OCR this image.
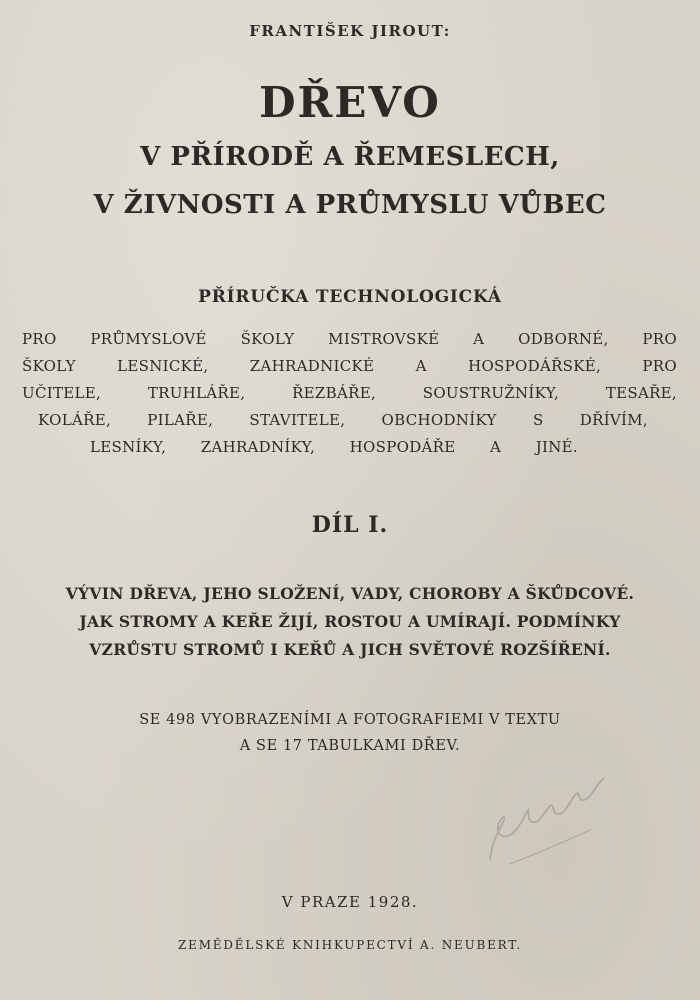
FRANTIŠEK JIROUT:
DŘEVO
V PŘÍRODĚ A ŘEMESLECH,
V ŽIVNOSTI A PRŮMYSLU VŮBEC
PŘÍRUČKA TECHNOLOGICKÁ
PRO PRŮMYSLOVÉ ŠKOLY MISTROVSKÉ A ODBORNÉ, PRO
ŠKOLY LESNICKÉ, ZAHRADNICKÉ A HOSPODÁŘSKÉ, PRO
UČITELE, TRUHLÁŘE, ŘEZBÁŘE, SOUSTRUŽNÍKY, TESAŘE,
KOLÁŘE, PILAŘE, STAVITELE, OBCHODNÍKY S DŘÍVÍM,
LESNÍKY, ZAHRADNÍKY, HOSPODÁŘE A JINÉ.
DÍL I.
VÝVIN DŘEVA, JEHO SLOŽENÍ, VADY, CHOROBY A ŠKŮDCOVÉ.
JAK STROMY A KEŘE ŽIJÍ, ROSTOU A UMÍRAJÍ. PODMÍNKY
VZRŮSTU STROMŮ I KEŘŮ A JICH SVĚTOVÉ ROZŠÍŘENÍ.
SE 498 VYOBRAZENÍMI A FOTOGRAFIEMI V TEXTU
A SE 17 TABULKAMI DŘEV.
V PRAZE 1928.
ZEMĚDĚLSKÉ KNIHKUPECTVÍ A. NEUBERT.
